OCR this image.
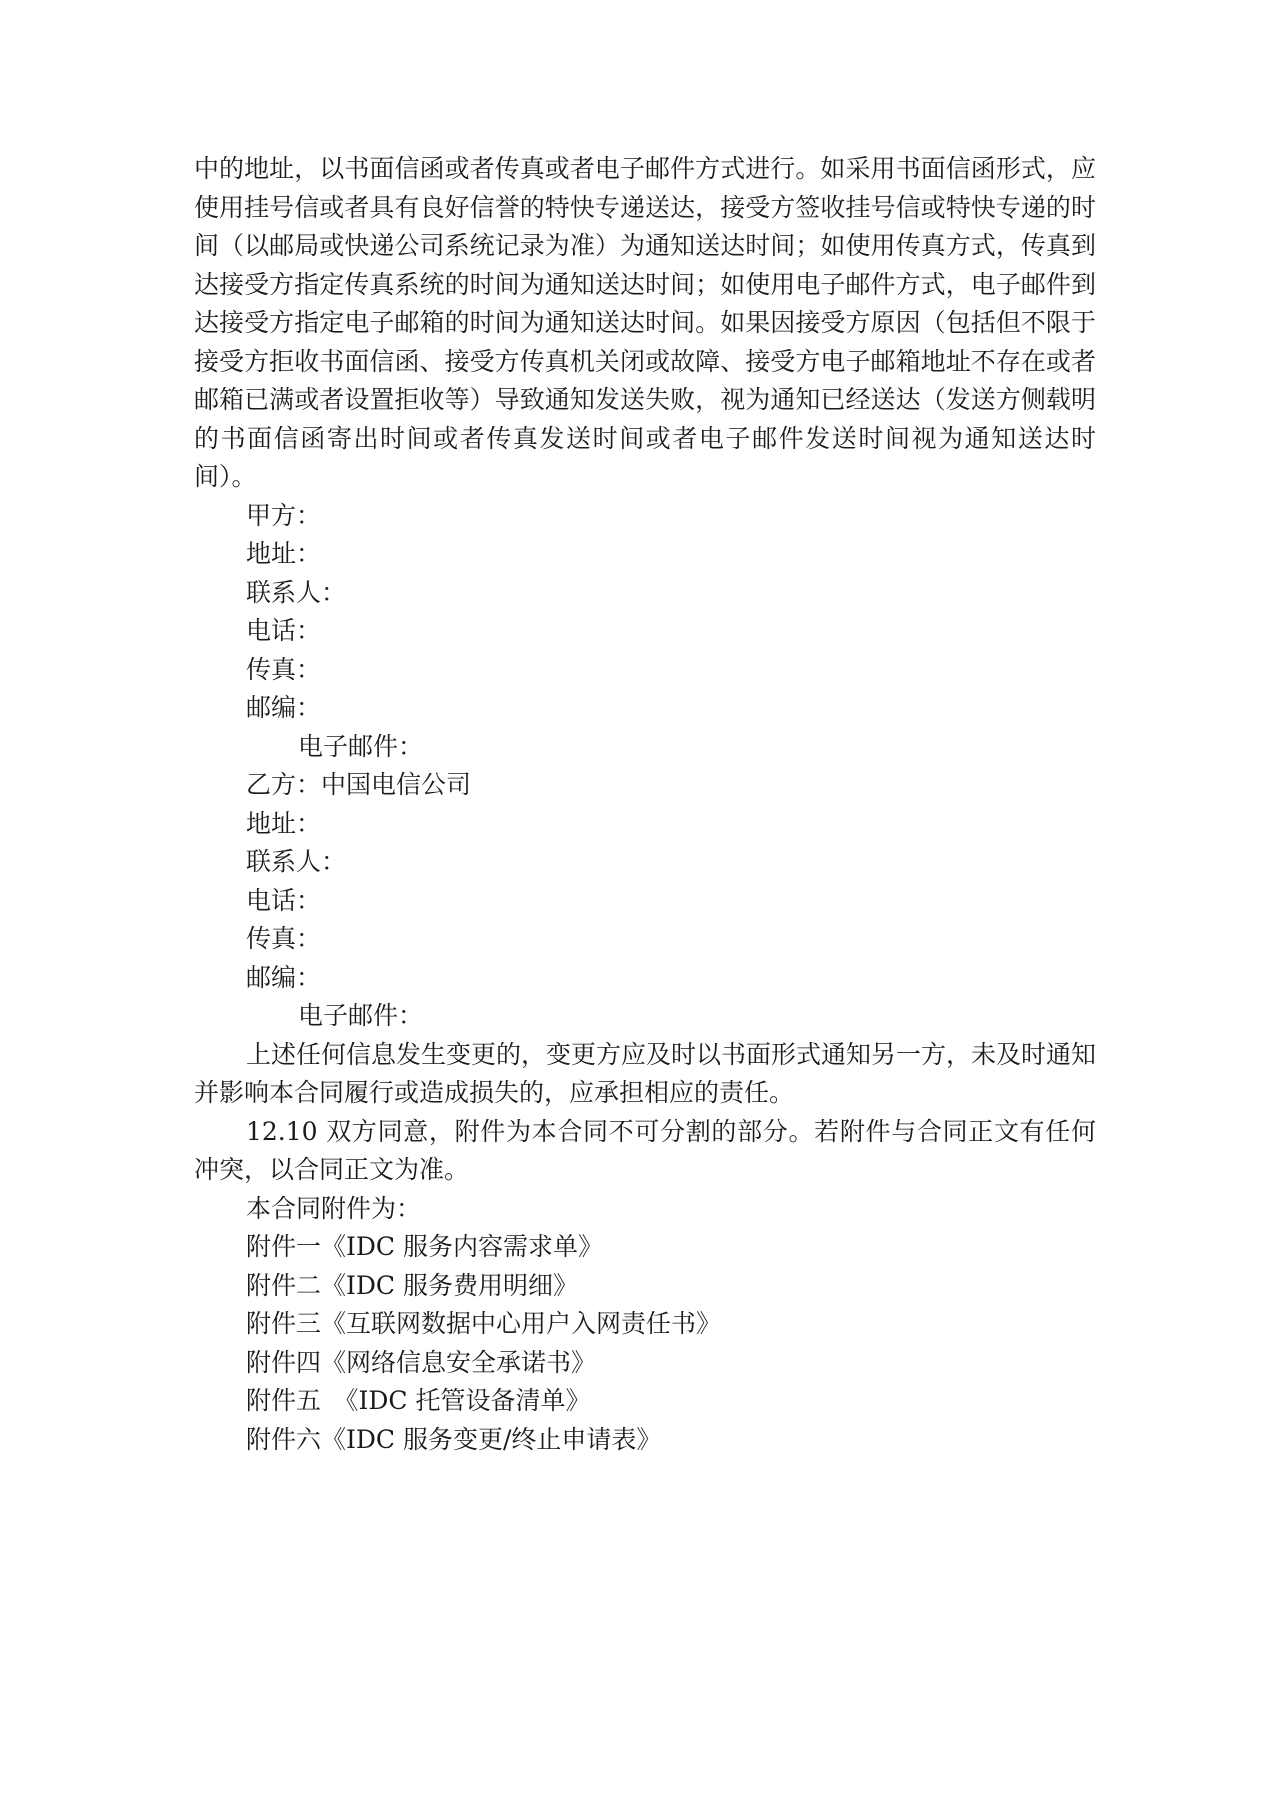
中的地址，以书面信函或者传真或者电子邮件方式进行。如采用书面信函形式，应使用挂号信或者具有良好信誉的特快专递送达，接受方签收挂号信或特快专递的时间（以邮局或快递公司系统记录为准）为通知送达时间；如使用传真方式，传真到达接受方指定传真系统的时间为通知送达时间；如使用电子邮件方式，电子邮件到达接受方指定电子邮箱的时间为通知送达时间。如果因接受方原因（包括但不限于接受方拒收书面信函、接受方传真机关闭或故障、接受方电子邮箱地址不存在或者邮箱已满或者设置拒收等）导致通知发送失败，视为通知已经送达（发送方侧载明的书面信函寄出时间或者传真发送时间或者电子邮件发送时间视为通知送达时间）。

甲方：

地址：

联系人：

电话：

传真：

邮编：

电子邮件：

乙方：中国电信公司

地址：

联系人：

电话：

传真：

邮编：

电子邮件：

上述任何信息发生变更的，变更方应及时以书面形式通知另一方，未及时通知并影响本合同履行或造成损失的，应承担相应的责任。

12.10 双方同意，附件为本合同不可分割的部分。若附件与合同正文有任何冲突，以合同正文为准。

本合同附件为：

附件一《IDC 服务内容需求单》

附件二《IDC 服务费用明细》

附件三《互联网数据中心用户入网责任书》

附件四《网络信息安全承诺书》

附件五　《IDC 托管设备清单》

附件六《IDC 服务变更/终止申请表》
